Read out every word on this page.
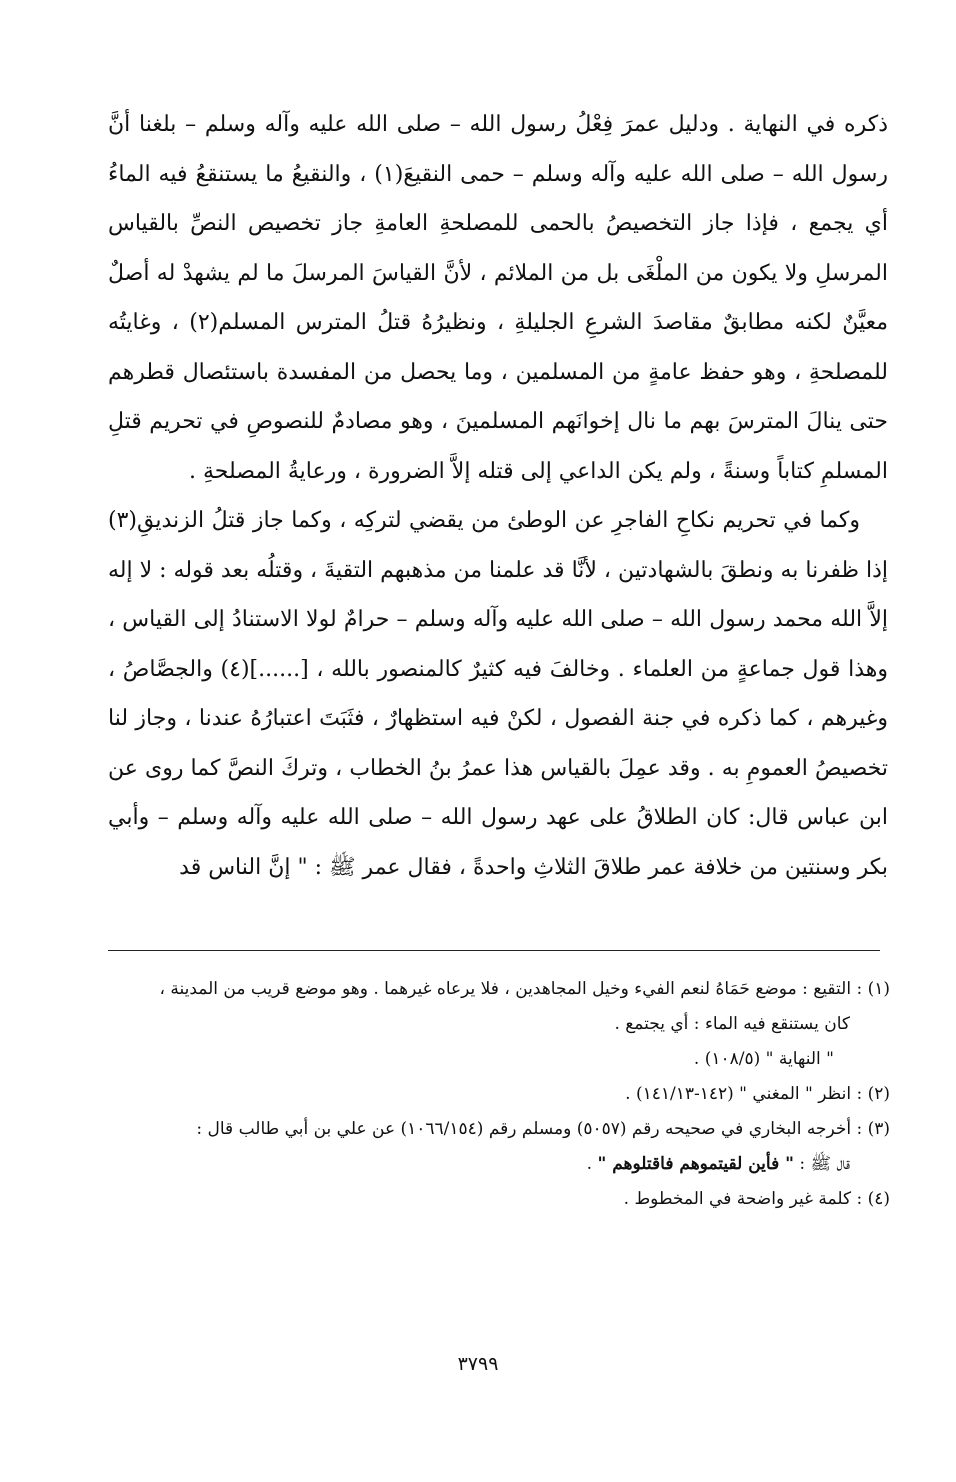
ذكره في النهاية . ودليل عمرَ فِعْلُ رسول الله – صلى الله عليه وآله وسلم – بلغنا أنَّ رسول الله – صلى الله عليه وآله وسلم – حمى النقيعَ(١) ، والنقيعُ ما يستنقعُ فيه الماءُ أي يجمع ، فإذا جاز التخصيصُ بالحمى للمصلحةِ العامةِ جاز تخصيص النصِّ بالقياس المرسلِ ولا يكون من الملْغَى بل من الملائم ، لأنَّ القياسَ المرسلَ ما لم يشهدْ له أصلٌ معيَّنٌ لكنه مطابقٌ مقاصدَ الشرعِ الجليلةِ ، ونظيرُهُ قتلُ المترس المسلم(٢) ، وغايتُه للمصلحةِ ، وهو حفظ عامةٍ من المسلمين ، وما يحصل من المفسدة باستئصال قطرهم حتى ينالَ المترسَ بهم ما نال إخوانَهم المسلمينَ ، وهو مصادمٌ للنصوصِ في تحريم قتلِ المسلمِ كتاباً وسنةً ، ولم يكن الداعي إلى قتله إلاَّ الضرورة ، ورعايةُ المصلحةِ .

وكما في تحريم نكاحِ الفاجرِ عن الوطئ من يقضي لتركِه ، وكما جاز قتلُ الزنديقِ(٣) إذا ظفرنا به ونطقَ بالشهادتين ، لأنَّا قد علمنا من مذهبهم التقيةَ ، وقتلُه بعد قوله : لا إله إلاَّ الله محمد رسول الله – صلى الله عليه وآله وسلم – حرامٌ لولا الاستنادُ إلى القياس ، وهذا قول جماعةٍ من العلماء . وخالفَ فيه كثيرٌ كالمنصور بالله ، [......](٤) والجصَّاصُ ، وغيرهم ، كما ذكره في جنة الفصول ، لكنْ فيه استظهارٌ ، فثَبَتَ اعتبارُهُ عندنا ، وجاز لنا تخصيصُ العمومِ به . وقد عمِلَ بالقياس هذا عمرُ بنُ الخطاب ، وتركَ النصَّ كما روى عن ابن عباس قال: كان الطلاقُ على عهد رسول الله – صلى الله عليه وآله وسلم – وأبي بكر وسنتين من خلافة عمر طلاقَ الثلاثِ واحدةً ، فقال عمر ﷺ : " إنَّ الناس قد

(١) : التقيع : موضع حَمَاهُ لنعم الفيء وخيل المجاهدين ، فلا يرعاه غيرهما . وهو موضع قريب من المدينة ،

كان يستنقع فيه الماء : أي يجتمع .

" النهاية " (١٠٨/٥) .

(٢) : انظر " المغني " (١٤٢-١٤١/١٣) .

(٣) : أخرجه البخاري في صحيحه رقم (٥٠٥٧) ومسلم رقم (١٠٦٦/١٥٤) عن علي بن أبي طالب قال :

قال ﷺ : " فأين لقيتموهم فاقتلوهم " .

(٤) : كلمة غير واضحة في المخطوط .

٣٧٩٩
